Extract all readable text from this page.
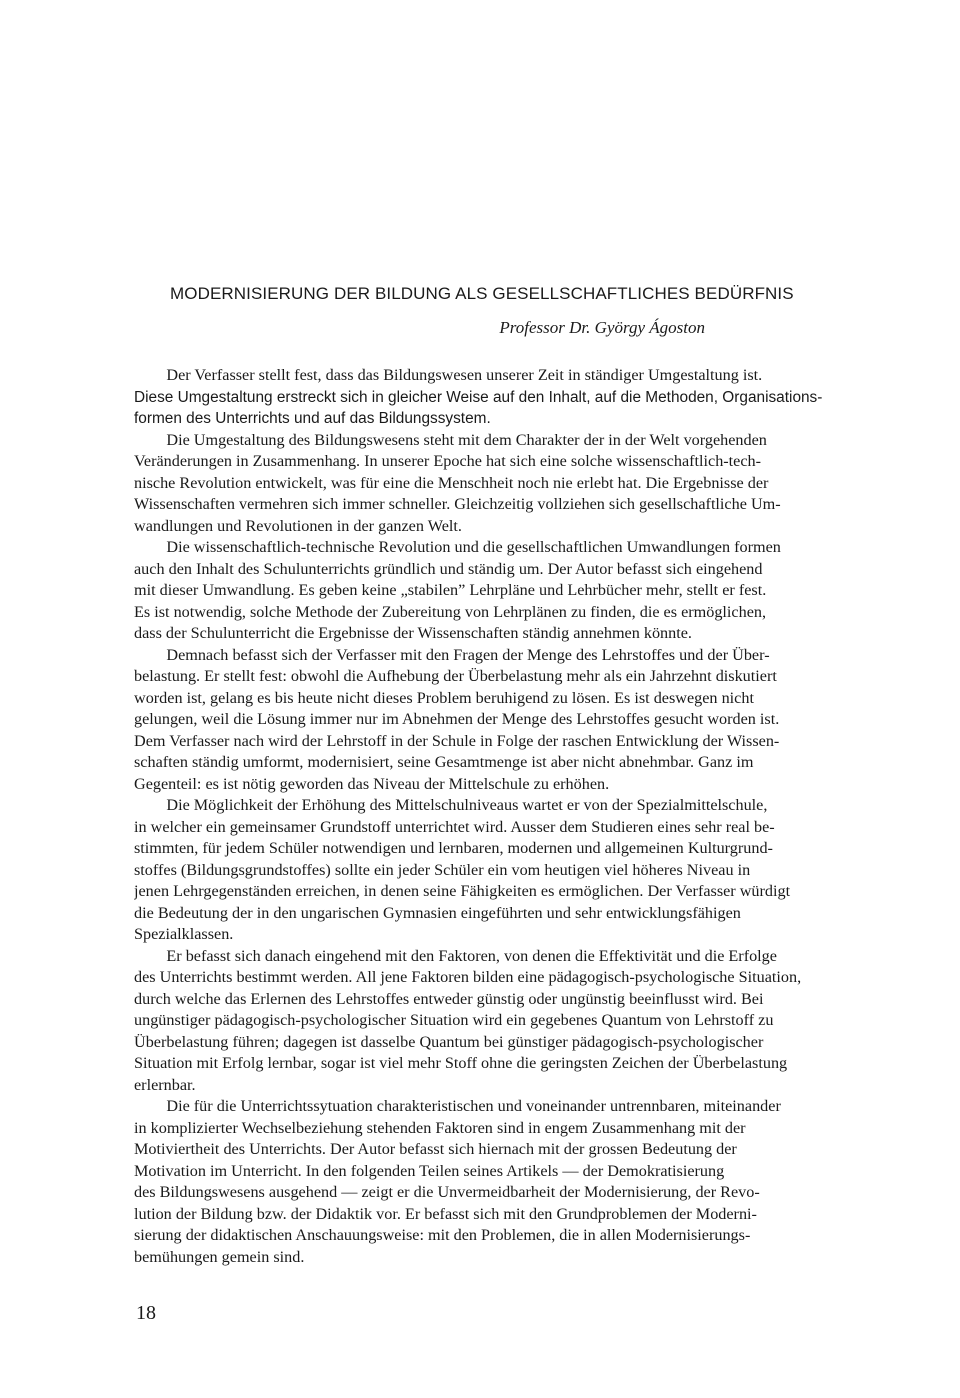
MODERNISIERUNG DER BILDUNG ALS GESELLSCHAFTLICHES BEDÜRFNIS
Professor Dr. György Ágoston
Der Verfasser stellt fest, dass das Bildungswesen unserer Zeit in ständiger Umgestaltung ist.
Diese Umgestaltung erstreckt sich in gleicher Weise auf den Inhalt, auf die Methoden, Organisations-
formen des Unterrichts und auf das Bildungssystem.
Die Umgestaltung des Bildungswesens steht mit dem Charakter der in der Welt vorgehenden
Veränderungen in Zusammenhang. In unserer Epoche hat sich eine solche wissenschaftlich-tech-
nische Revolution entwickelt, was für eine die Menschheit noch nie erlebt hat. Die Ergebnisse der
Wissenschaften vermehren sich immer schneller. Gleichzeitig vollziehen sich gesellschaftliche Um-
wandlungen und Revolutionen in der ganzen Welt.
Die wissenschaftlich-technische Revolution und die gesellschaftlichen Umwandlungen formen
auch den Inhalt des Schulunterrichts gründlich und ständig um. Der Autor befasst sich eingehend
mit dieser Umwandlung. Es geben keine „stabilen” Lehrpläne und Lehrbücher mehr, stellt er fest.
Es ist notwendig, solche Methode der Zubereitung von Lehrplänen zu finden, die es ermöglichen,
dass der Schulunterricht die Ergebnisse der Wissenschaften ständig annehmen könnte.
Demnach befasst sich der Verfasser mit den Fragen der Menge des Lehrstoffes und der Über-
belastung. Er stellt fest: obwohl die Aufhebung der Überbelastung mehr als ein Jahrzehnt diskutiert
worden ist, gelang es bis heute nicht dieses Problem beruhigend zu lösen. Es ist deswegen nicht
gelungen, weil die Lösung immer nur im Abnehmen der Menge des Lehrstoffes gesucht worden ist.
Dem Verfasser nach wird der Lehrstoff in der Schule in Folge der raschen Entwicklung der Wissen-
schaften ständig umformt, modernisiert, seine Gesamtmenge ist aber nicht abnehmbar. Ganz im
Gegenteil: es ist nötig geworden das Niveau der Mittelschule zu erhöhen.
Die Möglichkeit der Erhöhung des Mittelschulniveaus wartet er von der Spezialmittelschule,
in welcher ein gemeinsamer Grundstoff unterrichtet wird. Ausser dem Studieren eines sehr real be-
stimmten, für jedem Schüler notwendigen und lernbaren, modernen und allgemeinen Kulturgrund-
stoffes (Bildungsgrundstoffes) sollte ein jeder Schüler ein vom heutigen viel höheres Niveau in
jenen Lehrgegenständen erreichen, in denen seine Fähigkeiten es ermöglichen. Der Verfasser würdigt
die Bedeutung der in den ungarischen Gymnasien eingeführten und sehr entwicklungsfähigen
Spezialklassen.
Er befasst sich danach eingehend mit den Faktoren, von denen die Effektivität und die Erfolge
des Unterrichts bestimmt werden. All jene Faktoren bilden eine pädagogisch-psychologische Situation,
durch welche das Erlernen des Lehrstoffes entweder günstig oder ungünstig beeinflusst wird. Bei
ungünstiger pädagogisch-psychologischer Situation wird ein gegebenes Quantum von Lehrstoff zu
Überbelastung führen; dagegen ist dasselbe Quantum bei günstiger pädagogisch-psychologischer
Situation mit Erfolg lernbar, sogar ist viel mehr Stoff ohne die geringsten Zeichen der Überbelastung
erlernbar.
Die für die Unterrichtssytuation charakteristischen und voneinander untrennbaren, miteinander
in komplizierter Wechselbeziehung stehenden Faktoren sind in engem Zusammenhang mit der
Motiviertheit des Unterrichts. Der Autor befasst sich hiernach mit der grossen Bedeutung der
Motivation im Unterricht. In den folgenden Teilen seines Artikels — der Demokratisierung
des Bildungswesens ausgehend — zeigt er die Unvermeidbarheit der Modernisierung, der Revo-
lution der Bildung bzw. der Didaktik vor. Er befasst sich mit den Grundproblemen der Moderni-
sierung der didaktischen Anschauungsweise: mit den Problemen, die in allen Modernisierungs-
bemühungen gemein sind.
18
